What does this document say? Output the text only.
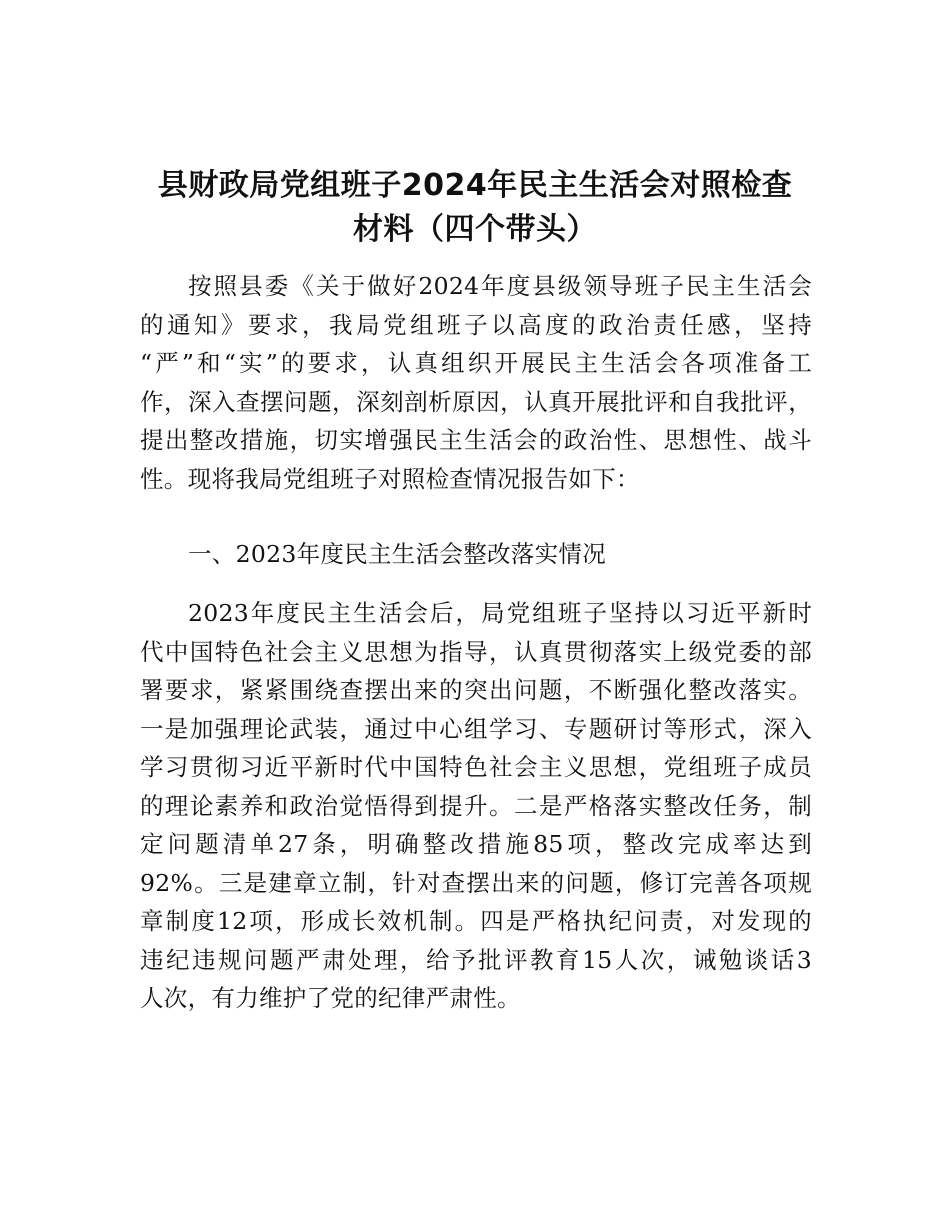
县财政局党组班子2024年民主生活会对照检查
材料（四个带头）

按照县委《关于做好2024年度县级领导班子民主生活会
的通知》要求，我局党组班子以高度的政治责任感，坚持
“严”和“实”的要求，认真组织开展民主生活会各项准备工
作，深入查摆问题，深刻剖析原因，认真开展批评和自我批评，
提出整改措施，切实增强民主生活会的政治性、思想性、战斗
性。现将我局党组班子对照检查情况报告如下：

一、2023年度民主生活会整改落实情况

2023年度民主生活会后，局党组班子坚持以习近平新时
代中国特色社会主义思想为指导，认真贯彻落实上级党委的部
署要求，紧紧围绕查摆出来的突出问题，不断强化整改落实。
一是加强理论武装，通过中心组学习、专题研讨等形式，深入
学习贯彻习近平新时代中国特色社会主义思想，党组班子成员
的理论素养和政治觉悟得到提升。二是严格落实整改任务，制
定问题清单27条，明确整改措施85项，整改完成率达到
92%。三是建章立制，针对查摆出来的问题，修订完善各项规
章制度12项，形成长效机制。四是严格执纪问责，对发现的
违纪违规问题严肃处理，给予批评教育15人次，诫勉谈话3
人次，有力维护了党的纪律严肃性。
